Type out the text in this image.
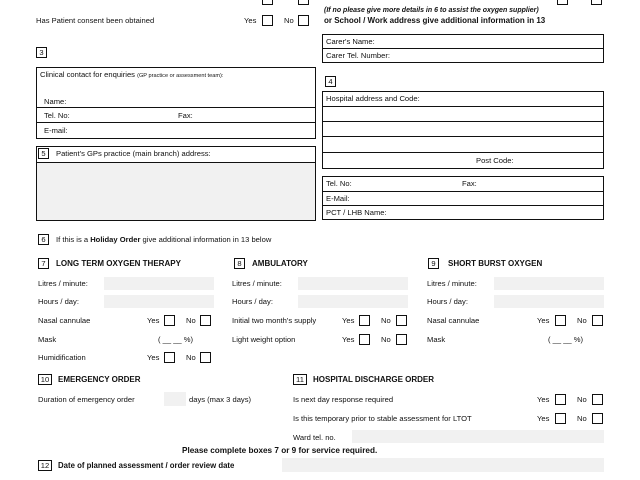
Has Patient consent been obtained	Yes	No
(If no please give more details in 6 to assist the oxygen supplier)
or School / Work address give additional information in 13
3
Clinical contact for enquiries (GP practice or assessment team):
Name:
Tel. No:	Fax:
E-mail:
Carer's Name:
Carer Tel. Number:
4
Hospital address and Code:
Post Code:
Tel. No:	Fax:
E-Mail:
PCT / LHB Name:
5	Patient's GPs practice (main branch) address:
6	If this is a Holiday Order give additional information in 13 below
7	LONG TERM OXYGEN THERAPY
Litres / minute:
Hours / day:
Nasal cannulae	Yes	No
Mask	( __ __ %)
Humidification	Yes	No
8	AMBULATORY
Litres / minute:
Hours / day:
Initial two month's supply	Yes	No
Light weight option	Yes	No
9	SHORT BURST OXYGEN
Litres / minute:
Hours / day:
Nasal cannulae	Yes	No
Mask	( __ __ %)
10	EMERGENCY ORDER
Duration of emergency order	days (max 3 days)
11	HOSPITAL DISCHARGE ORDER
Is next day response required	Yes	No
Is this temporary prior to stable assessment for LTOT	Yes	No
Ward tel. no.
Please complete boxes 7 or 9 for service required.
12	Date of planned assessment / order review date
